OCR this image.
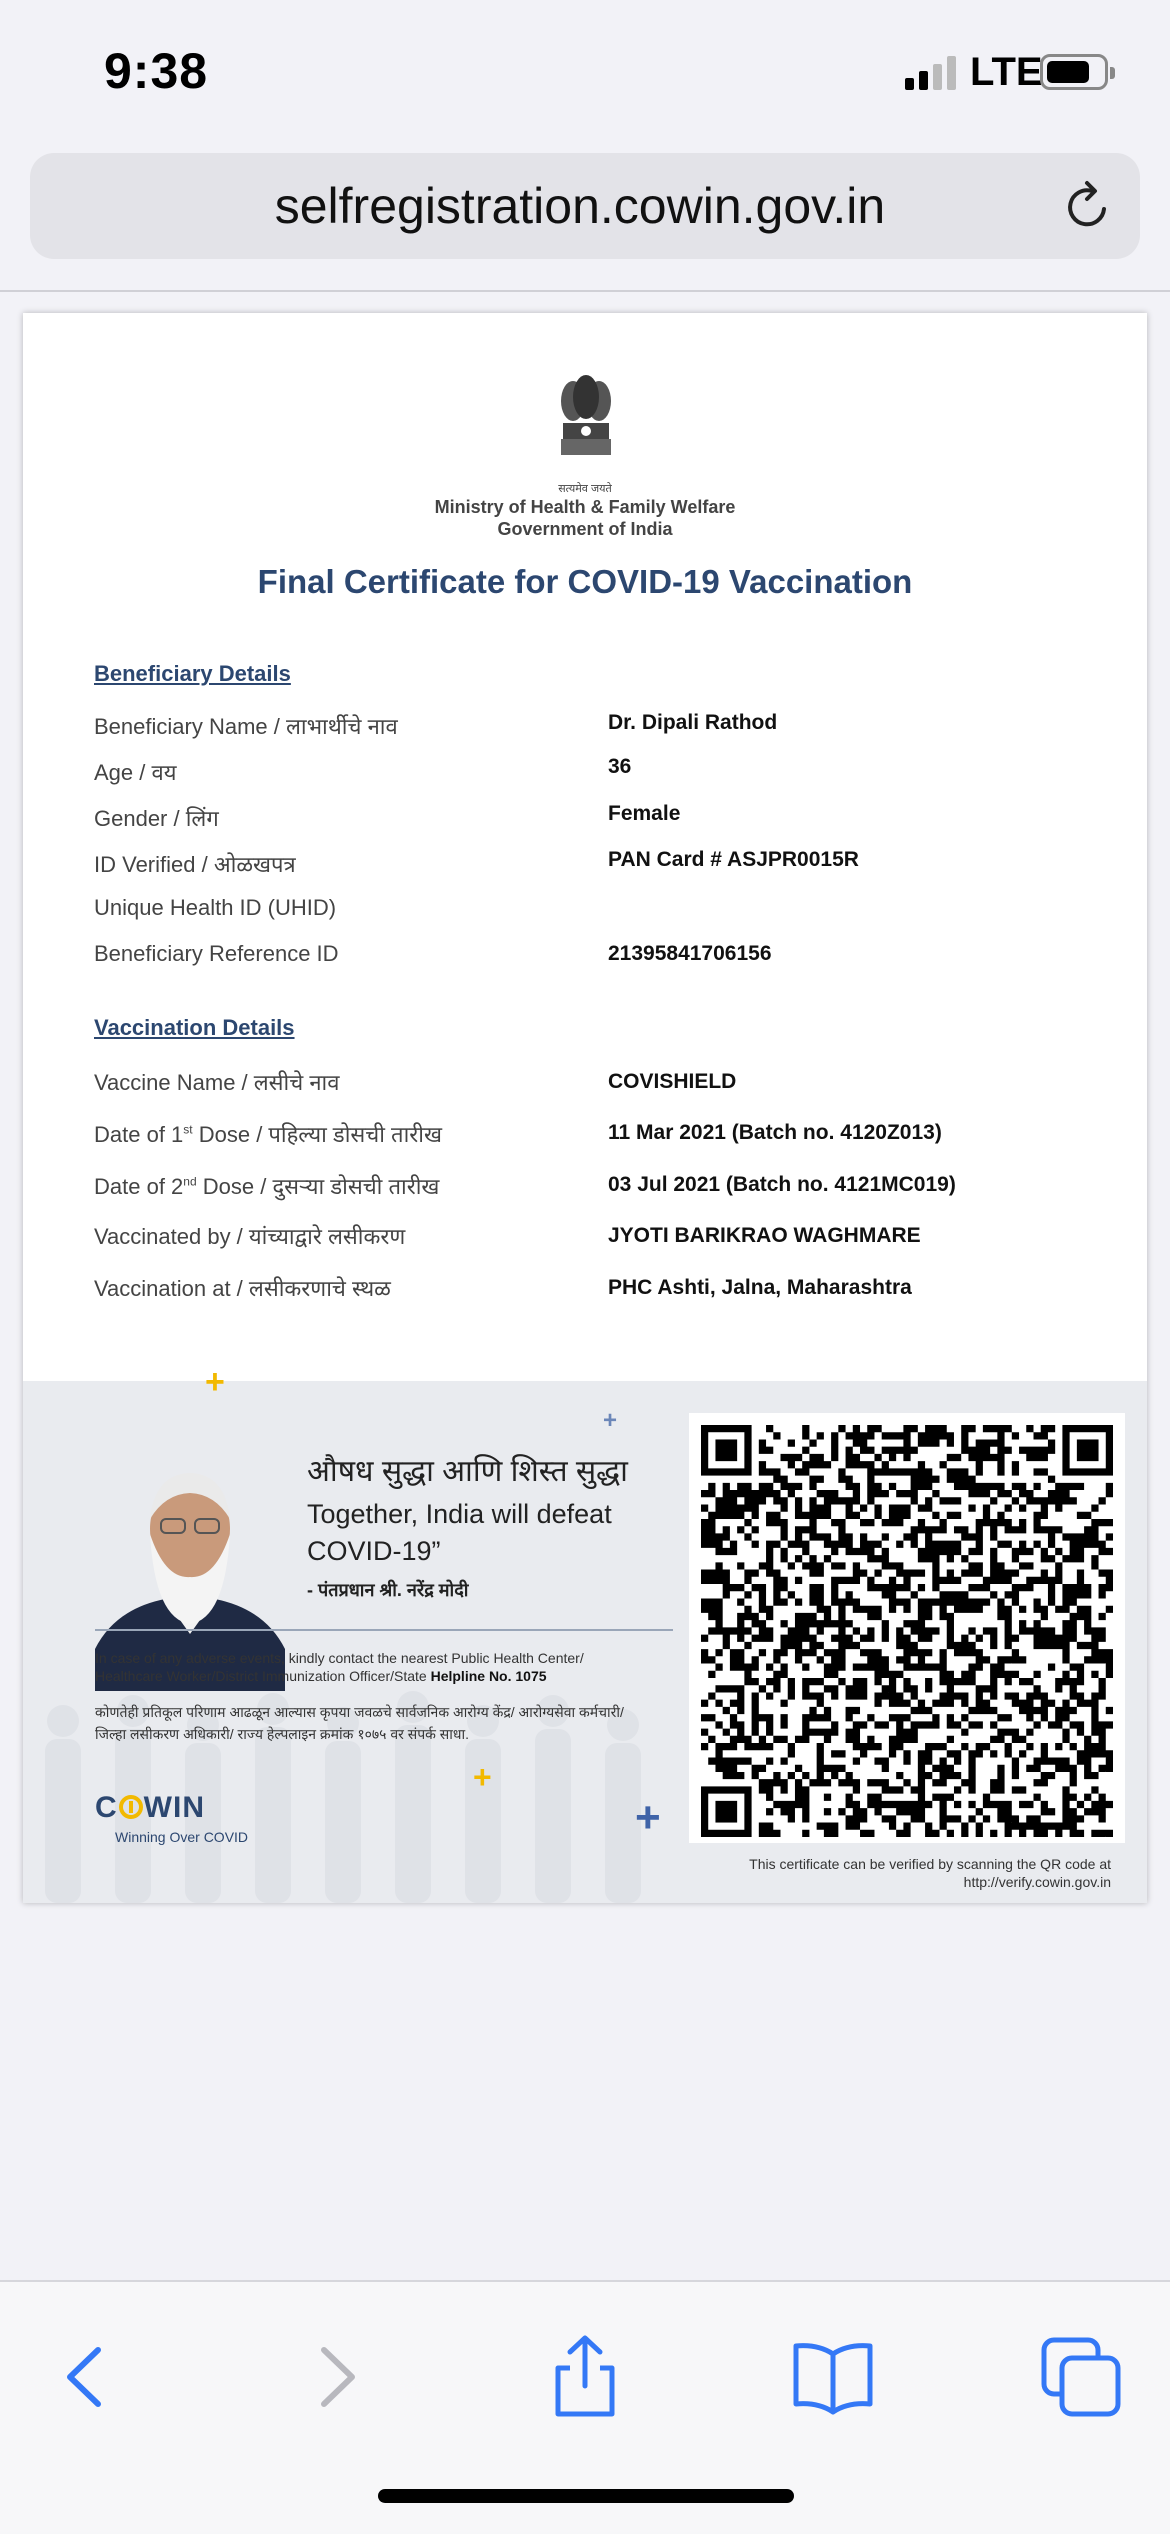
9:38	LTE
selfregistration.cowin.gov.in
सत्यमेव जयते
Ministry of Health & Family Welfare
Government of India
Final Certificate for COVID-19 Vaccination
Beneficiary Details
Beneficiary Name / लाभार्थीचे नाव	Dr. Dipali Rathod
Age / वय	36
Gender / लिंग	Female
ID Verified / ओळखपत्र	PAN Card # ASJPR0015R
Unique Health ID (UHID)
Beneficiary Reference ID	21395841706156
Vaccination Details
Vaccine Name / लसीचे नाव	COVISHIELD
Date of 1st Dose / पहिल्या डोसची तारीख	11 Mar 2021 (Batch no. 4120Z013)
Date of 2nd Dose / दुसऱ्या डोसची तारीख	03 Jul 2021 (Batch no. 4121MC019)
Vaccinated by / यांच्याद्वारे लसीकरण	JYOTI BARIKRAO WAGHMARE
Vaccination at / लसीकरणाचे स्थळ	PHC Ashti, Jalna, Maharashtra
+
+
+
+
औषध सुद्धा आणि शिस्त सुद्धा
Together, India will defeat COVID-19”
- पंतप्रधान श्री. नरेंद्र मोदी
In case of any adverse events, kindly contact the nearest Public Health Center/ Healthcare Worker/District Immunization Officer/State Helpline No. 1075
कोणतेही प्रतिकूल परिणाम आढळून आल्यास कृपया जवळचे सार्वजनिक आरोग्य केंद्र/ आरोग्यसेवा कर्मचारी/ जिल्हा लसीकरण अधिकारी/ राज्य हेल्पलाइन क्रमांक १०७५ वर संपर्क साधा.
C WIN
Winning Over COVID
This certificate can be verified by scanning the QR code at
http://verify.cowin.gov.in
